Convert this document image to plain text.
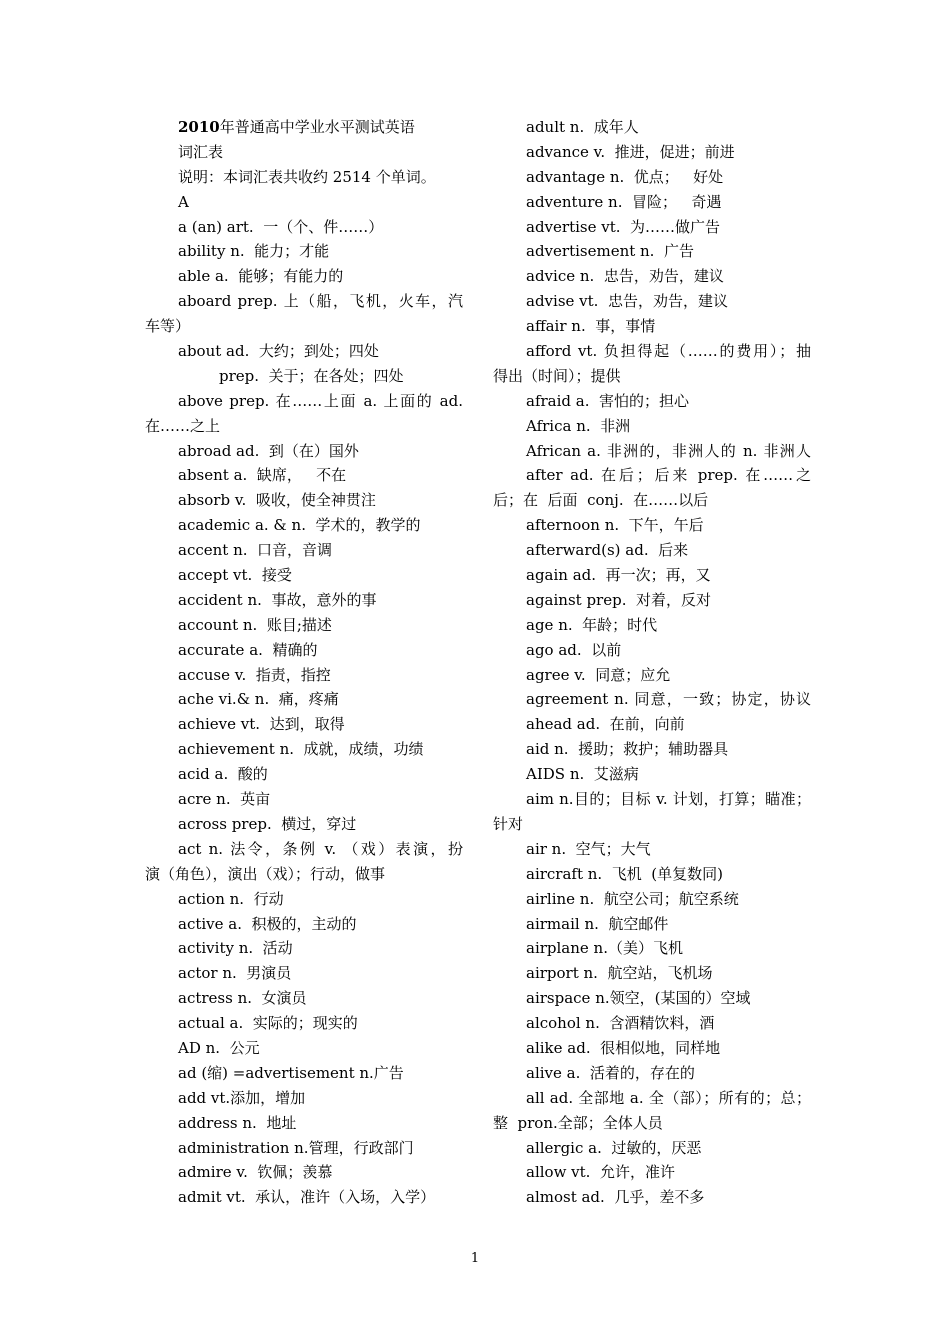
2010年普通高中学业水平测试英语
词汇表
说明：本词汇表共收约 2514 个单词。
A
a (an) art.  一（个、件……）
ability n.  能力；才能
able a.  能够；有能力的
aboard prep. 上（船，飞机，火车，汽
车等）
about ad.  大约；到处；四处
prep.  关于；在各处；四处
above prep. 在……上面 a. 上面的 ad.
在……之上
abroad ad.  到（在）国外
absent a.  缺席，   不在
absorb v.  吸收，使全神贯注
academic a. & n.  学术的，教学的
accent n.  口音，音调
accept vt.  接受
accident n.  事故，意外的事
account n.  账目;描述
accurate a.  精确的
accuse v.  指责，指控
ache vi.& n.  痛，疼痛
achieve vt.  达到，取得
achievement n.  成就，成绩，功绩
acid a.  酸的
acre n.  英亩
across prep.  横过，穿过
act n. 法令，条例 v. （戏）表演，扮
演（角色），演出（戏）；行动，做事
action n.  行动
active a.  积极的，主动的
activity n.  活动
actor n.  男演员
actress n.  女演员
actual a.  实际的；现实的
AD n.  公元
ad (缩) =advertisement n.广告
add vt.添加，增加
address n.  地址
administration n.管理，行政部门
admire v.  钦佩；羡慕
admit vt.  承认，准许（入场，入学）
adult n.  成年人
advance v.  推进，促进；前进
advantage n.  优点；   好处
adventure n.  冒险；   奇遇
advertise vt.  为……做广告
advertisement n.  广告
advice n.  忠告，劝告，建议
advise vt.  忠告，劝告，建议
affair n.  事，事情
afford vt. 负担得起（……的费用）；抽
得出（时间）；提供
afraid a.  害怕的；担心
Africa n.  非洲
African a. 非洲的，非洲人的 n. 非洲人
after ad. 在后；后来 prep. 在……之
后；在  后面  conj.  在……以后
afternoon n.  下午，午后
afterward(s) ad.  后来
again ad.  再一次；再，又
against prep.  对着，反对
age n.  年龄；时代
ago ad.  以前
agree v.  同意；应允
agreement n. 同意，一致；协定，协议
ahead ad.  在前，向前
aid n.  援助；救护；辅助器具
AIDS n.  艾滋病
aim n.目的；目标 v. 计划，打算；瞄准；
针对
air n.  空气；大气
aircraft n.  飞机  (单复数同)
airline n.  航空公司；航空系统
airmail n.  航空邮件
airplane n.（美）飞机
airport n.  航空站，飞机场
airspace n.领空，(某国的）空域
alcohol n.  含酒精饮料，酒
alike ad.  很相似地，同样地
alive a.  活着的，存在的
all ad. 全部地 a. 全（部）；所有的；总；
整  pron.全部；全体人员
allergic a.  过敏的，厌恶
allow vt.  允许，准许
almost ad.  几乎，差不多
1
